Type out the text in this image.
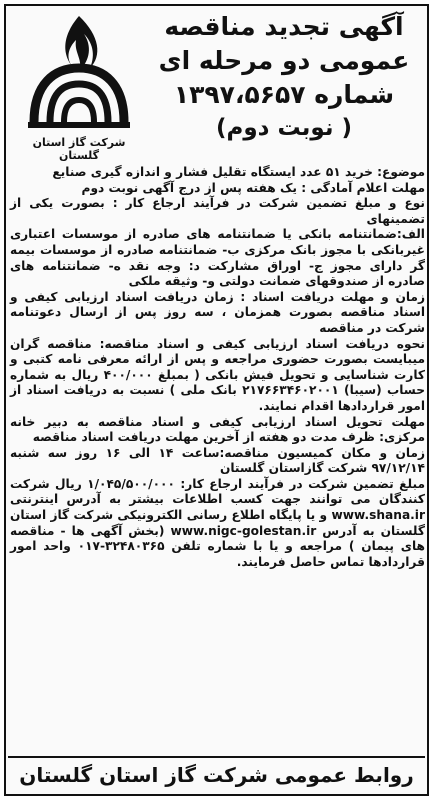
شرکت گاز استان گلستان
آگهی تجدید مناقصه
عمومی دو مرحله ای
شماره ۱۳۹۷،۵۶۵۷
( نوبت دوم)

موضوع: خرید ۵۱ عدد ایستگاه تقلیل فشار و اندازه گیری صنایع

مهلت اعلام آمادگی : یک هفته پس از درج آگهی نوبت دوم

نوع و مبلغ تضمین شرکت در فرآیند ارجاع کار : بصورت یکی از تضمینهای

الف:ضمانتنامه بانکی یا ضمانتنامه های صادره از موسسات اعتباری غیربانکی با مجوز بانک مرکزی ب- ضمانتنامه صادره از موسسات بیمه گر دارای مجوز ج- اوراق مشارکت د: وجه نقد ه- ضمانتنامه های صادره از صندوقهای ضمانت دولتی و- وثیقه ملکی

زمان و مهلت دریافت اسناد : زمان دریافت اسناد ارزیابی کیفی و اسناد مناقصه بصورت همزمان ، سه روز پس از ارسال دعوتنامه شرکت در مناقصه

نحوه دریافت اسناد ارزیابی کیفی و اسناد مناقصه: مناقصه گران میبایست بصورت حضوری مراجعه و پس از ارائه معرفی نامه کتبی و کارت شناسایی و تحویل فیش بانکی ( بمبلغ ۴۰۰/۰۰۰ ریال به شماره حساب (سیبا) ۲۱۷۶۶۳۴۶۰۲۰۰۱ بانک ملی ) نسبت به دریافت اسناد از امور قراردادها اقدام نمایند.

مهلت تحویل اسناد ارزیابی کیفی و اسناد مناقصه به دبیر خانه مرکزی: ظرف مدت دو هفته از آخرین مهلت دریافت اسناد مناقصه

زمان و مکان کمیسیون مناقصه:ساعت ۱۴ الی ۱۶ روز سه شنبه ۹۷/۱۲/۱۴ شرکت گازاستان گلستان

مبلغ تضمین شرکت در فرآیند ارجاع کار: ۱/۰۴۵/۵۰۰/۰۰۰ ریال شرکت کنندگان می توانند جهت کسب اطلاعات بیشتر به آدرس اینترنتی www.shana.ir و یا پایگاه اطلاع رسانی الکترونیکی شرکت گاز استان گلستان به آدرس www.nigc-golestan.ir (بخش آگهی ها - مناقصه های پیمان ) مراجعه و یا با شماره تلفن ۳۲۴۸۰۳۶۵-۰۱۷ واحد امور قراردادها تماس حاصل فرمایند.

روابط عمومی شرکت گاز استان گلستان
